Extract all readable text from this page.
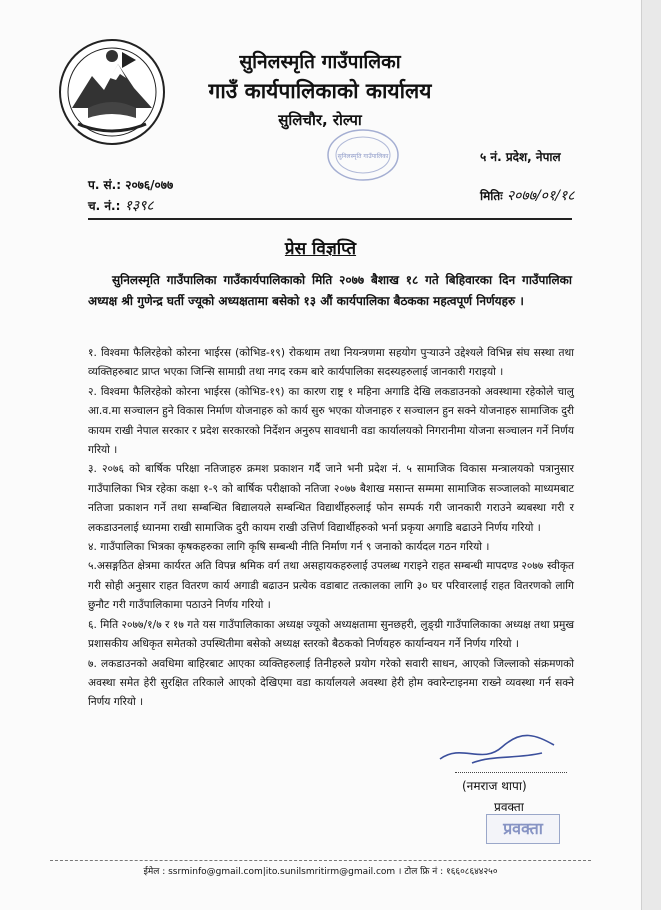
सुनिलस्मृति गाउँपालिका
गाउँ कार्यपालिकाको कार्यालय
सुलिचौर, रोल्पा
सुनिलस्मृति गाउँपालिका
प. सं.: २०७६/०७७
च. नं.: १३९८
५ नं. प्रदेश, नेपाल
मितिः २०७७/०१/१८
प्रेस विज्ञप्ति
सुनिलस्मृति गाउँपालिका गाउँकार्यपालिकाको मिति २०७७ बैशाख १८ गते बिहिवारका दिन गाउँपालिका अध्यक्ष श्री गुणेन्द्र घर्ती ज्यूको अध्यक्षतामा बसेको १३ औं कार्यपालिका बैठकका महत्वपूर्ण निर्णयहरु ।

१. विश्वमा फैलिरहेको कोरना भाईरस (कोभिड-१९) रोकथाम तथा नियन्त्रणमा सहयोग पुर्‍याउने उद्देश्यले विभिन्न संघ सस्था तथा व्यक्तिहरुबाट प्राप्त भएका जिन्सि सामाग्री तथा नगद रकम बारे कार्यपालिका सदस्यहरुलाई जानकारी गराइयो ।

२. विश्वमा फैलिरहेको कोरना भाईरस (कोभिड-१९) का कारण राष्ट्र १ महिना अगाडि देखि लकडाउनको अवस्थामा रहेकोले चालु आ.व.मा सञ्चालन हुने विकास निर्माण योजनाहरु को कार्य सुरु भएका योजनाहरु र सञ्चालन हुन सक्ने योजनाहरु सामाजिक दुरी कायम राखी नेपाल सरकार र प्रदेश सरकारको निर्देशन अनुरुप सावधानी वडा कार्यालयको निगरानीमा योजना सञ्चालन गर्ने निर्णय गरियो ।

३. २०७६ को बार्षिक परिक्षा नतिजाहरु क्रमश प्रकाशन गर्दै जाने भनी प्रदेश नं. ५ सामाजिक विकास मन्त्रालयको पत्रानुसार गाउँपालिका भित्र रहेका कक्षा १-९ को बार्षिक परीक्षाको नतिजा २०७७ बैशाख मसान्त सम्ममा सामाजिक सञ्जालको माध्यमबाट नतिजा प्रकाशन गर्ने तथा सम्बन्धित बिद्यालयले सम्बन्धित विद्यार्थीहरुलाई फोन सम्पर्क गरी जानकारी गराउने ब्यबस्था गरी र लकडाउनलाई ध्यानमा राखी सामाजिक दुरी कायम राखी उत्तिर्ण विद्यार्थीहरुको भर्ना प्रकृया अगाडि बढाउने निर्णय गरियो ।

४. गाउँपालिका भित्रका कृषकहरुका लागि कृषि सम्बन्धी नीति निर्माण गर्न ९ जनाको कार्यदल गठन गरियो ।

५.असङ्गठित क्षेत्रमा कार्यरत अति विपन्न श्रमिक वर्ग तथा असहायकहरुलाई उपलब्ध गराइने राहत सम्बन्धी मापदण्ड २०७७ स्वीकृत गरी सोही अनुसार राहत वितरण कार्य अगाडी बढाउन प्रत्येक वडाबाट तत्कालका लागि ३० घर परिवारलाई राहत वितरणको लागि छुनौट गरी गाउँपालिकामा पठाउने निर्णय गरियो ।

६. मिति २०७७/१/७ र १७ गते यस गाउँपालिकाका अध्यक्ष ज्यूको अध्यक्षतामा सुनछहरी, लुङ्ग्री गाउँपालिकाका अध्यक्ष तथा प्रमुख प्रशासकीय अधिकृत समेतको उपस्थितीमा बसेको अध्यक्ष स्तरको बैठकको निर्णयहरु कार्यान्वयन गर्ने निर्णय गरियो ।

७. लकडाउनको अवधिमा बाहिरबाट आएका व्यक्तिहरुलाई तिनीहरुले प्रयोग गरेको सवारी साधन, आएको जिल्लाको संक्रमणको अवस्था समेत हेरी सुरक्षित तरिकाले आएको देखिएमा वडा कार्यालयले अवस्था हेरी होम क्वारेन्टाइनमा राख्ने व्यवस्था गर्न सक्ने निर्णय गरियो ।

(नमराज थापा)
प्रवक्ता
प्रवक्ता
ईमेल : ssrminfo@gmail.com|ito.sunilsmritirm@gmail.com । टोल फ्रि नं : १६६०८६४४२५०
